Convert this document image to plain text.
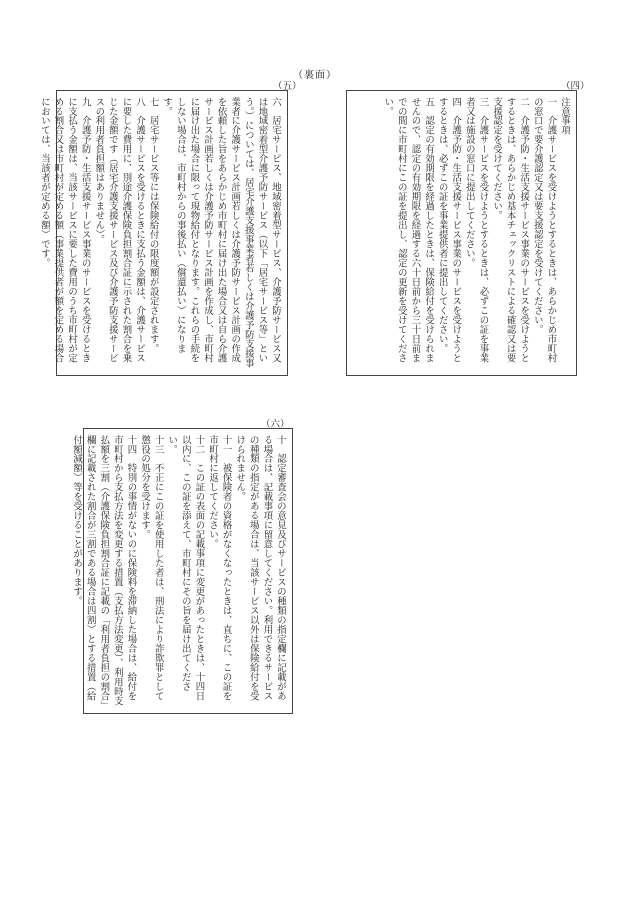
（裏面）
（四）
注意事項
一　介護サービスを受けようとするときは、あらかじめ市町村の窓口で要介護認定又は要支援認定を受けてください。
二　介護予防・生活支援サービス事業のサービスを受けようとするときは、あらかじめ基本チェックリストによる確認又は要支援認定を受けてください。
三　介護サービスを受けようとするときは、必ずこの証を事業者又は施設の窓口に提出してください。
四　介護予防・生活支援サービス事業のサービスを受けようとするときは、必ずこの証を事業提供者に提出してください。
五　認定の有効期限を経過したときは、保険給付を受けられませんので、認定の有効期限を経過する六十日前から三十日前までの間に市町村にこの証を提出し、認定の更新を受けてください。
（五）
六　居宅サービス、地域密着型サービス、介護予防サービス又は地域密着型介護予防サービス（以下「居宅サービス等」という。）については、居宅介護支援事業者若しくは介護予防支援事業者に介護サービス計画若しくは介護予防サービス計画の作成を依頼した旨をあらかじめ市町村に届け出た場合又は自ら介護サービス計画若しくは介護予防サービス計画を作成し、市町村に届け出た場合に限って現物給付となります。これらの手続をしない場合は、市町村からの事後払い（償還払い）になります。
七　居宅サービス等には保険給付の限度額が設定されます。
八　介護サービスを受けるときに支払う金額は、介護サービスに要した費用に、別途介護保険負担割合証に示された割合を乗じた金額です（居宅介護支援サービス及び介護予防支援サービスの利用者負担額はありません）。
九　介護予防・生活支援サービス事業のサービスを受けるときに支払う金額は、当該サービスに要した費用のうち市町村が定める割合又は市町村が定める額（事業提供者が額を定める場合においては、当該者が定める額）です。
（六）
十　認定審査会の意見及びサービスの種類の指定欄に記載がある場合は、記載事項に留意してください。利用できるサービスの種類の指定がある場合は、当該サービス以外は保険給付を受けられません。
十一　被保険者の資格がなくなったときは、直ちに、この証を市町村に返してください。
十二　この証の表面の記載事項に変更があったときは、十四日以内に、この証を添えて、市町村にその旨を届け出てください。
十三　不正にこの証を使用した者は、刑法により詐欺罪として懲役の処分を受けます。
十四　特別の事情がないのに保険料を滞納した場合は、給付を市町村から支払方法を変更する措置（支払方法変更）、利用時支払額を三割（介護保険負担割合証に記載の「利用者負担の割合」欄に記載された割合が三割である場合は四割）とする措置（給付額減額）等を受けることがあります。
